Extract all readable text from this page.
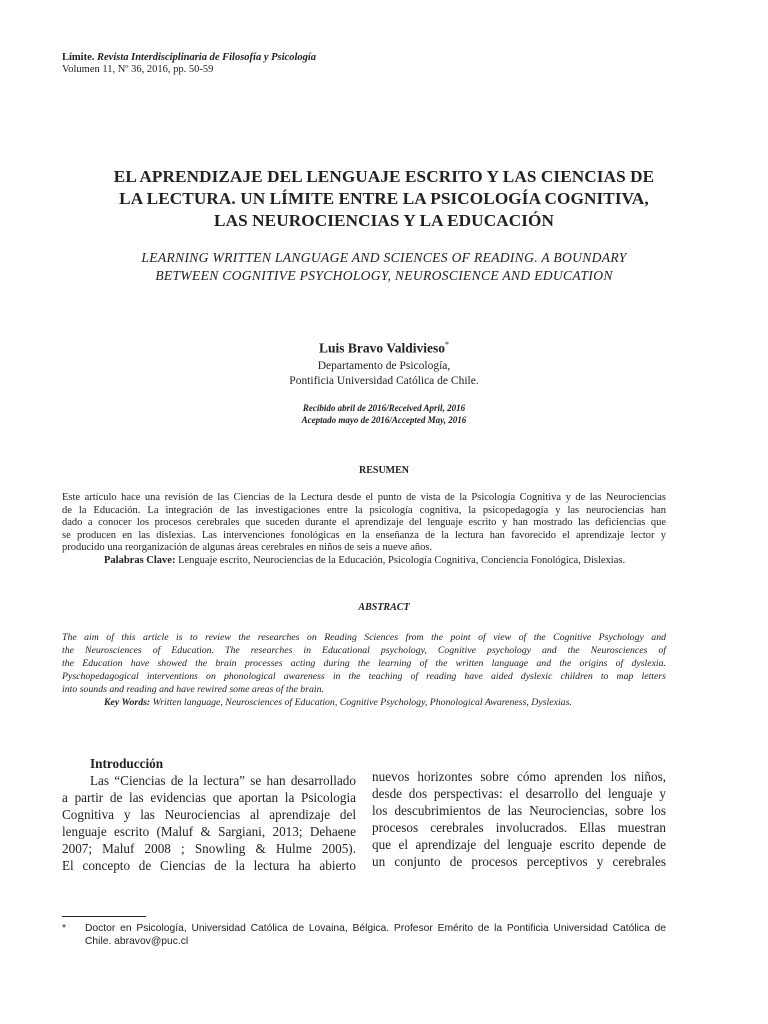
Límite. Revista Interdisciplinaria de Filosofía y Psicología
Volumen 11, Nº 36, 2016, pp. 50-59
EL APRENDIZAJE DEL LENGUAJE ESCRITO Y LAS CIENCIAS DE
LA LECTURA. UN LÍMITE ENTRE LA PSICOLOGÍA COGNITIVA,
LAS NEUROCIENCIAS Y LA EDUCACIÓN
LEARNING WRITTEN LANGUAGE AND SCIENCES OF READING. A BOUNDARY
BETWEEN COGNITIVE PSYCHOLOGY, NEUROSCIENCE AND EDUCATION
Luis Bravo Valdivieso*
Departamento de Psicología,
Pontificia Universidad Católica de Chile.
Recibido abril de 2016/Received April, 2016
Aceptado mayo de 2016/Accepted May, 2016
RESUMEN
Este artículo hace una revisión de las Ciencias de la Lectura desde el punto de vista de la Psicología Cognitiva y de las Neurociencias
de la Educación. La integración de las investigaciones entre la psicología cognitiva, la psicopedagogía y las neurociencias han
dado a conocer los procesos cerebrales que suceden durante el aprendizaje del lenguaje escrito y han mostrado las deficiencias que
se producen en las dislexias. Las intervenciones fonológicas en la enseñanza de la lectura han favorecido el aprendizaje lector y
producido una reorganización de algunas áreas cerebrales en niños de seis a nueve años.
Palabras Clave: Lenguaje escrito, Neurociencias de la Educación, Psicología Cognitiva, Conciencia Fonológica, Dislexias.
ABSTRACT
The aim of this article is to review the researches on Reading Sciences from the point of view of the Cognitive Psychology and
the Neurosciences of Education. The researches in Educational psychology, Cognitive psychology and the Neurosciences of
the Education have showed the brain processes acting during the learning of the written language and the origins of dyslexia.
Pyschopedagogical interventions on phonological awareness in the teaching of reading have aided dyslexic children to map letters
into sounds and reading and have rewired some areas of the brain.
Key Words: Written language, Neurosciences of Education, Cognitive Psychology, Phonological Awareness, Dyslexias.
Introducción
Las “Ciencias de la lectura” se han desarrollado
a partir de las evidencias que aportan la Psicologia
Cognitiva y las Neurociencias al aprendizaje del
lenguaje escrito (Maluf & Sargiani, 2013; Dehaene
2007; Maluf 2008 ; Snowling & Hulme 2005).
El concepto de Ciencias de la lectura ha abierto
nuevos horizontes sobre cómo aprenden los niños,
desde dos perspectivas: el desarrollo del lenguaje y
los descubrimientos de las Neurociencias, sobre los
procesos cerebrales involucrados. Ellas muestran
que el aprendizaje del lenguaje escrito depende de
un conjunto de procesos perceptivos y cerebrales
* Doctor en Psicología, Universidad Católica de Lovaina, Bélgica. Profesor Emérito de la Pontificia Universidad Católica de
Chile. abravov@puc.cl
